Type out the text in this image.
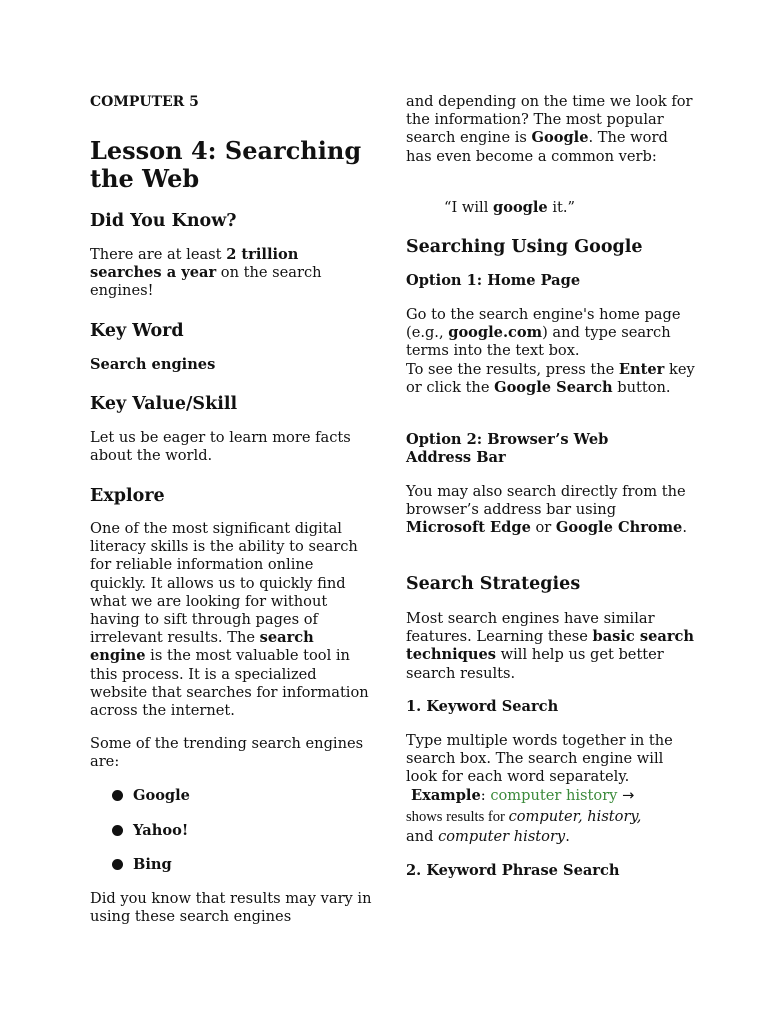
COMPUTER 5
Lesson 4: Searching the Web
Did You Know?

There are at least 2 trillion searches a year on the search engines!

Key Word
Search engines
Key Value/Skill

Let us be eager to learn more facts about the world.

Explore

One of the most significant digital literacy skills is the ability to search for reliable information online quickly. It allows us to quickly find what we are looking for without having to sift through pages of irrelevant results. The search engine is the most valuable tool in this process. It is a specialized website that searches for information across the internet.

Some of the trending search engines are:

Google
Yahoo!
Bing

Did you know that results may vary in using these search engines

and depending on the time we look for the information? The most popular search engine is Google. The word has even become a common verb:

“I will google it.”

Searching Using Google
Option 1: Home Page

Go to the search engine's home page (e.g., google.com) and type search terms into the text box.
To see the results, press the Enter key or click the Google Search button.

Option 2: Browser’s Web Address Bar

You may also search directly from the browser’s address bar using Microsoft Edge or Google Chrome.

Search Strategies

Most search engines have similar features. Learning these basic search techniques will help us get better search results.

1. Keyword Search

Type multiple words together in the search box. The search engine will look for each word separately.

Example: computer history →

shows results for computer, history,

and computer history.

2. Keyword Phrase Search
